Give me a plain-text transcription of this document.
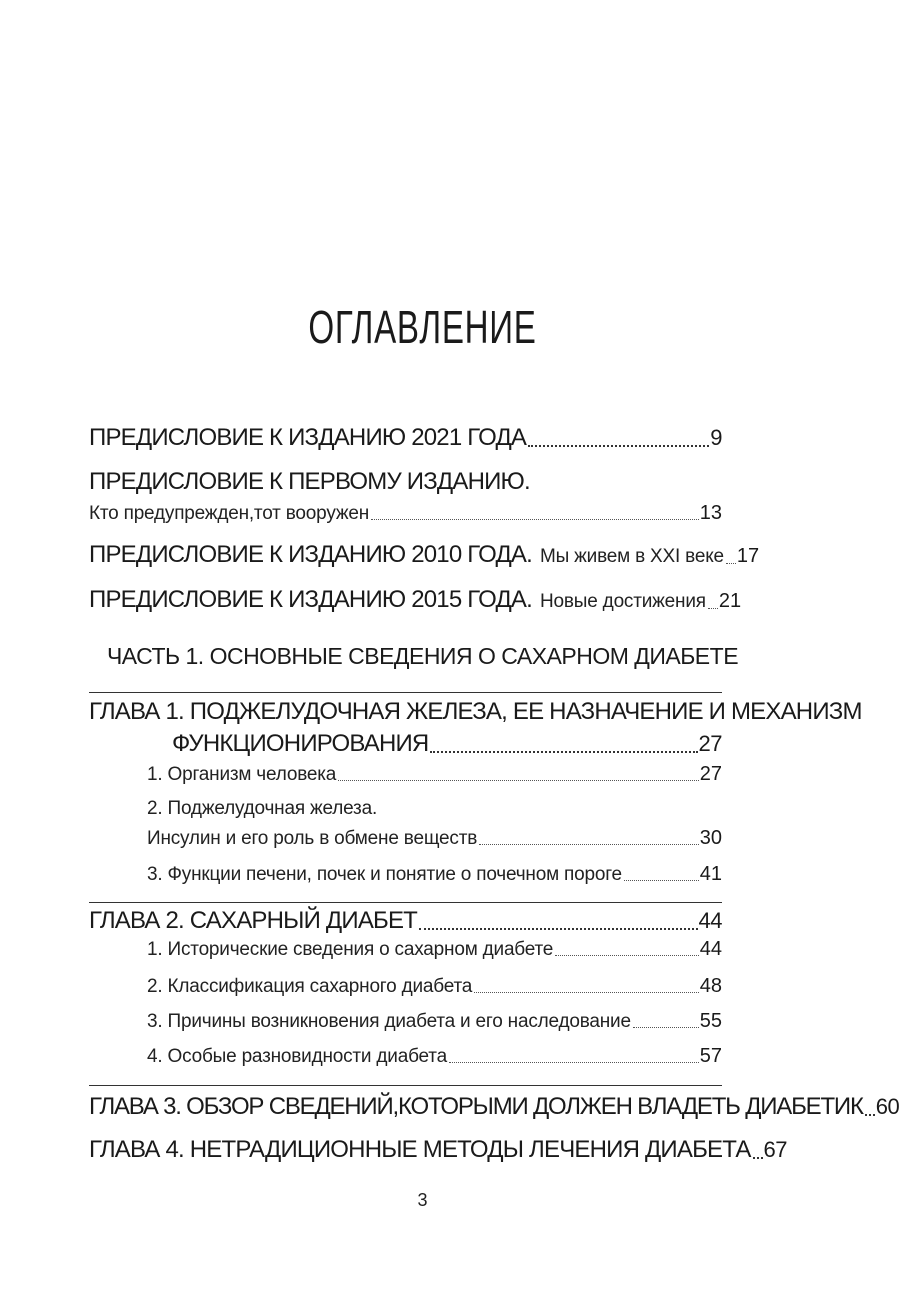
ОГЛАВЛЕНИЕ
ПРЕДИСЛОВИЕ К ИЗДАНИЮ 2021 ГОДА	9
ПРЕДИСЛОВИЕ К ПЕРВОМУ ИЗДАНИЮ.
Кто предупрежден,тот вооружен	13
ПРЕДИСЛОВИЕ К ИЗДАНИЮ 2010 ГОДА. Мы живем в XXI веке 17
ПРЕДИСЛОВИЕ К ИЗДАНИЮ 2015 ГОДА. Новые достижения 21
ЧАСТЬ 1. ОСНОВНЫЕ СВЕДЕНИЯ О САХАРНОМ ДИАБЕТЕ
ГЛАВА 1. ПОДЖЕЛУДОЧНАЯ ЖЕЛЕЗА, ЕЕ НАЗНАЧЕНИЕ И МЕХАНИЗМ
ФУНКЦИОНИРОВАНИЯ	27
1. Организм человека	27
2. Поджелудочная железа.
Инсулин и его роль в обмене веществ	30
3. Функции печени, почек и понятие о почечном пороге	41
ГЛАВА 2. САХАРНЫЙ ДИАБЕТ	44
1. Исторические сведения о сахарном диабете	44
2. Классификация сахарного диабета	48
3. Причины возникновения диабета и его наследование	55
4. Особые разновидности диабета	57
ГЛАВА 3. ОБЗОР СВЕДЕНИЙ,КОТОРЫМИ ДОЛЖЕН ВЛАДЕТЬ ДИАБЕТИК 60
ГЛАВА 4. НЕТРАДИЦИОННЫЕ МЕТОДЫ ЛЕЧЕНИЯ ДИАБЕТА 67
3
